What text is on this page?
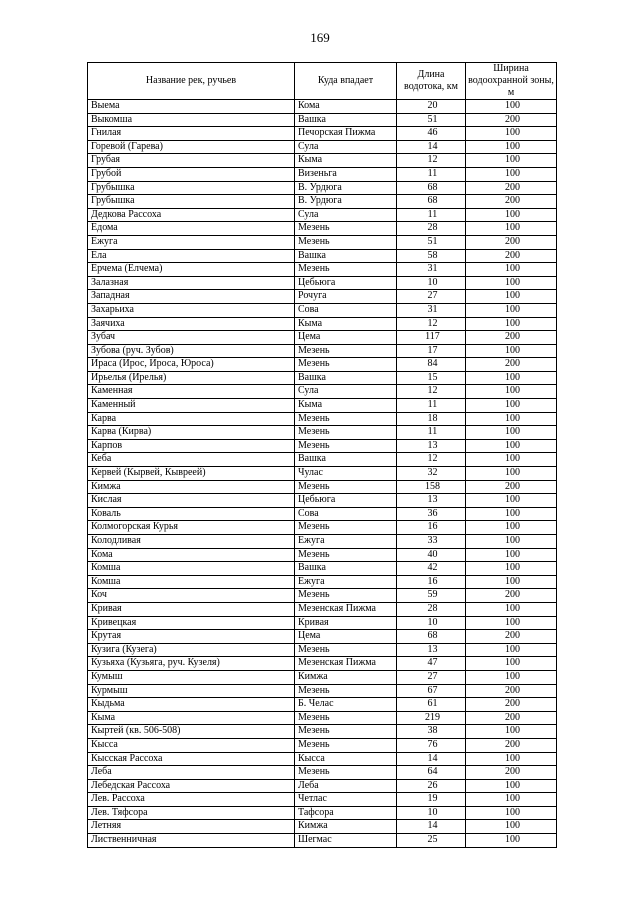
169
Название рек, ручьев	Куда впадает	Длина водотока, км	Ширина водоохранной зоны, м
Выема	Кома	20	100
Выкомша	Вашка	51	200
Гнилая	Печорская Пижма	46	100
Горевой (Гарева)	Сула	14	100
Грубая	Кыма	12	100
Грубой	Визеньга	11	100
Грубышка	В. Урдюга	68	200
Грубышка	В. Урдюга	68	200
Дедкова Рассоха	Сула	11	100
Едома	Мезень	28	100
Ежуга	Мезень	51	200
Ела	Вашка	58	200
Ерчема (Елчема)	Мезень	31	100
Залазная	Цебьюга	10	100
Западная	Рочуга	27	100
Захарьиха	Сова	31	100
Заячиха	Кыма	12	100
Зубач	Цема	117	200
Зубова (руч. Зубов)	Мезень	17	100
Ираса (Ирос, Ироса, Юроса)	Мезень	84	200
Ирьелья (Ирелья)	Вашка	15	100
Каменная	Сула	12	100
Каменный	Кыма	11	100
Карва	Мезень	18	100
Карва (Кирва)	Мезень	11	100
Карпов	Мезень	13	100
Кеба	Вашка	12	100
Кервей (Кырвей, Кывреей)	Чулас	32	100
Кимжа	Мезень	158	200
Кислая	Цебьюга	13	100
Коваль	Сова	36	100
Колмогорская Курья	Мезень	16	100
Колодливая	Ежуга	33	100
Кома	Мезень	40	100
Комша	Вашка	42	100
Комша	Ежуга	16	100
Коч	Мезень	59	200
Кривая	Мезенская Пижма	28	100
Кривецкая	Кривая	10	100
Крутая	Цема	68	200
Кузига (Кузега)	Мезень	13	100
Кузьяха (Кузьяга, руч. Кузеля)	Мезенская Пижма	47	100
Кумыш	Кимжа	27	100
Курмыш	Мезень	67	200
Кыдьма	Б. Челас	61	200
Кыма	Мезень	219	200
Кыртей (кв. 506-508)	Мезень	38	100
Кысса	Мезень	76	200
Кысская Рассоха	Кысса	14	100
Леба	Мезень	64	200
Лебедская Рассоха	Леба	26	100
Лев. Рассоха	Четлас	19	100
Лев. Тяфсора	Тафсора	10	100
Летняя	Кимжа	14	100
Лиственничная	Шегмас	25	100
